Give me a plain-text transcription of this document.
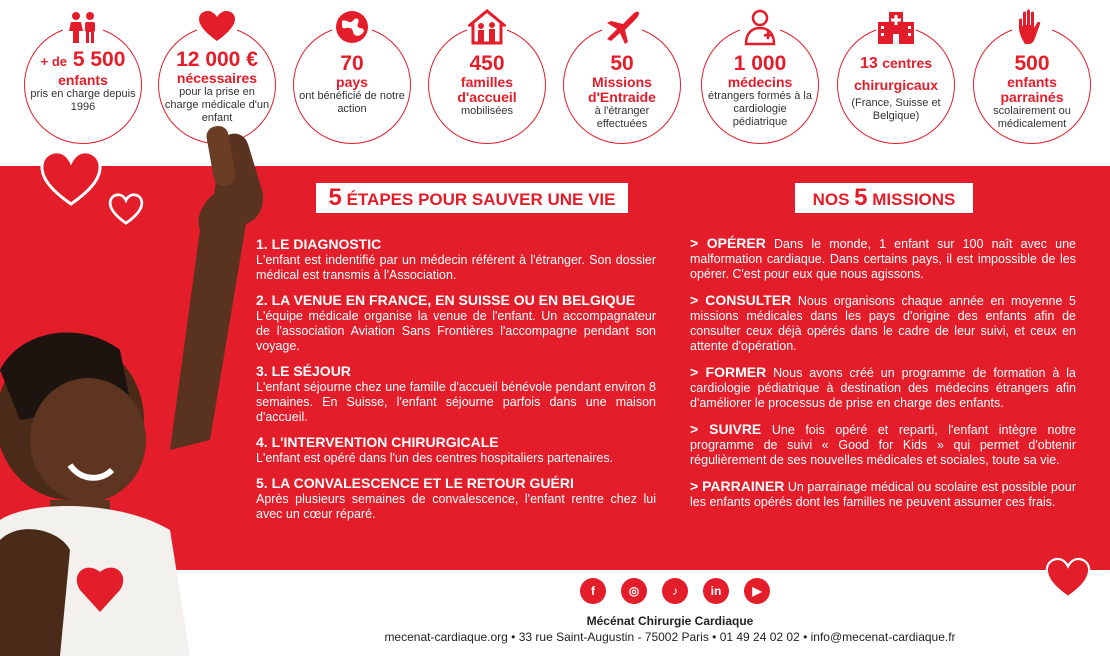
+ de 5 500
enfants
pris en charge depuis 1996
12 000 €
nécessaires
pour la prise en charge médicale d'un enfant
70
pays
ont bénéficié de notre action
450
familles d'accueil
mobilisées
50
Missions d'Entraide
à l'étranger effectuées
1 000
médecins
étrangers formés à la cardiologie pédiatrique
13 centres chirurgicaux
(France, Suisse et Belgique)
500
enfants parrainés
scolairement ou médicalement
5 ÉTAPES POUR SAUVER UNE VIE	NOS 5 MISSIONS
1. LE DIAGNOSTIC
L'enfant est indentifié par un médecin référent à l'étranger. Son dossier médical est transmis à l'Association.
2. LA VENUE EN FRANCE, EN SUISSE OU EN BELGIQUE
L'équipe médicale organise la venue de l'enfant. Un accompagnateur de l'association Aviation Sans Frontières l'accompagne pendant son voyage.
3. LE SÉJOUR
L'enfant séjourne chez une famille d'accueil bénévole pendant environ 8 semaines. En Suisse, l'enfant séjourne parfois dans une maison d'accueil.
4. L'INTERVENTION CHIRURGICALE
L'enfant est opéré dans l'un des centres hospitaliers partenaires.
5. LA CONVALESCENCE ET LE RETOUR GUÉRI
Après plusieurs semaines de convalescence, l'enfant rentre chez lui avec un cœur réparé.
> OPÉRER Dans le monde, 1 enfant sur 100 naît avec une malformation cardiaque. Dans certains pays, il est impossible de les opérer. C'est pour eux que nous agissons.
> CONSULTER Nous organisons chaque année en moyenne 5 missions médicales dans les pays d'origine des enfants afin de consulter ceux déjà opérés dans le cadre de leur suivi, et ceux en attente d'opération.
> FORMER Nous avons créé un programme de formation à la cardiologie pédiatrique à destination des médecins étrangers afin d'améliorer le processus de prise en charge des enfants.
> SUIVRE Une fois opéré et reparti, l'enfant intègre notre programme de suivi « Good for Kids » qui permet d'obtenir régulièrement de ses nouvelles médicales et sociales, toute sa vie.
> PARRAINER Un parrainage médical ou scolaire est possible pour les enfants opérés dont les familles ne peuvent assumer ces frais.
f	◎	♪	in	▶
Mécénat Chirurgie Cardiaque
mecenat-cardiaque.org • 33 rue Saint-Augustin - 75002 Paris • 01 49 24 02 02 • info@mecenat-cardiaque.fr
